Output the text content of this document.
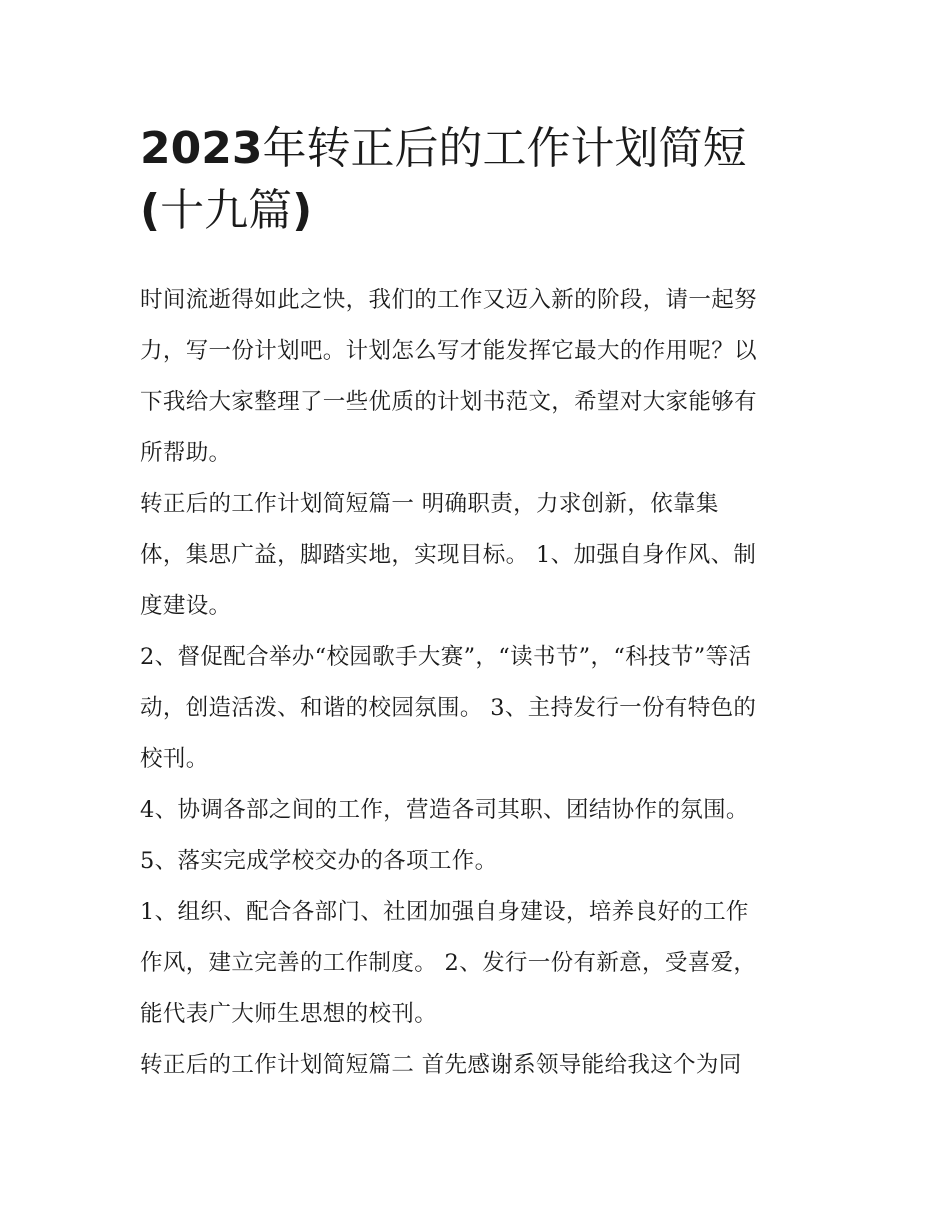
2023年转正后的工作计划简短
(十九篇)

时间流逝得如此之快，我们的工作又迈入新的阶段，请一起努

力，写一份计划吧。计划怎么写才能发挥它最大的作用呢？以

下我给大家整理了一些优质的计划书范文，希望对大家能够有

所帮助。

转正后的工作计划简短篇一 明确职责，力求创新，依靠集

体，集思广益，脚踏实地，实现目标。 1、加强自身作风、制

度建设。

2、督促配合举办“校园歌手大赛”，“读书节”，“科技节”等活

动，创造活泼、和谐的校园氛围。 3、主持发行一份有特色的

校刊。

4、协调各部之间的工作，营造各司其职、团结协作的氛围。

5、落实完成学校交办的各项工作。

1、组织、配合各部门、社团加强自身建设，培养良好的工作

作风，建立完善的工作制度。 2、发行一份有新意，受喜爱，

能代表广大师生思想的校刊。

转正后的工作计划简短篇二 首先感谢系领导能给我这个为同
